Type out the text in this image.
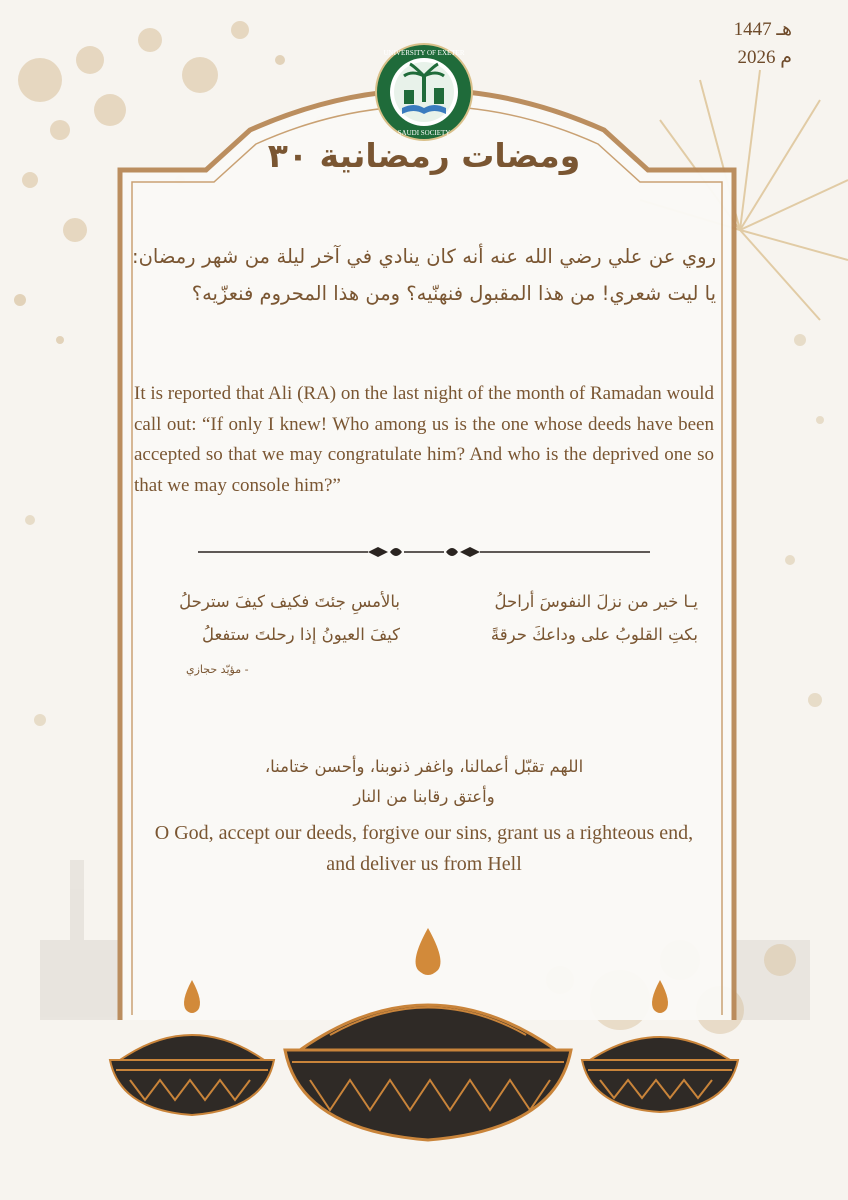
1447 هـ
2026 م
UNIVERSITY OF EXETER
SAUDI SOCIETY
ومضات رمضانية ٣٠
روي عن علي رضي الله عنه أنه كان ينادي في آخر ليلة من شهر رمضان: يا ليت شعري! من هذا المقبول فنهنّيه؟ ومن هذا المحروم فنعزّيه؟
It is reported that Ali (RA) on the last night of the month of Ramadan would call out: “If only I knew! Who among us is the one whose deeds have been accepted so that we may congratulate him? And who is the deprived one so that we may console him?”
يـا خير من نزلَ النفوسَ أراحلُ
بالأمسِ جئتَ فكيف كيفَ سترحلُ
بكتِ القلوبُ على وداعكَ حرقةً
كيفَ العيونُ إذا رحلتَ ستفعلُ
- مؤيّد حجازي
اللهم تقبّل أعمالنا، واغفر ذنوبنا، وأحسن ختامنا،
وأعتق رقابنا من النار
O God, accept our deeds, forgive our sins, grant us a righteous end, and deliver us from Hell
